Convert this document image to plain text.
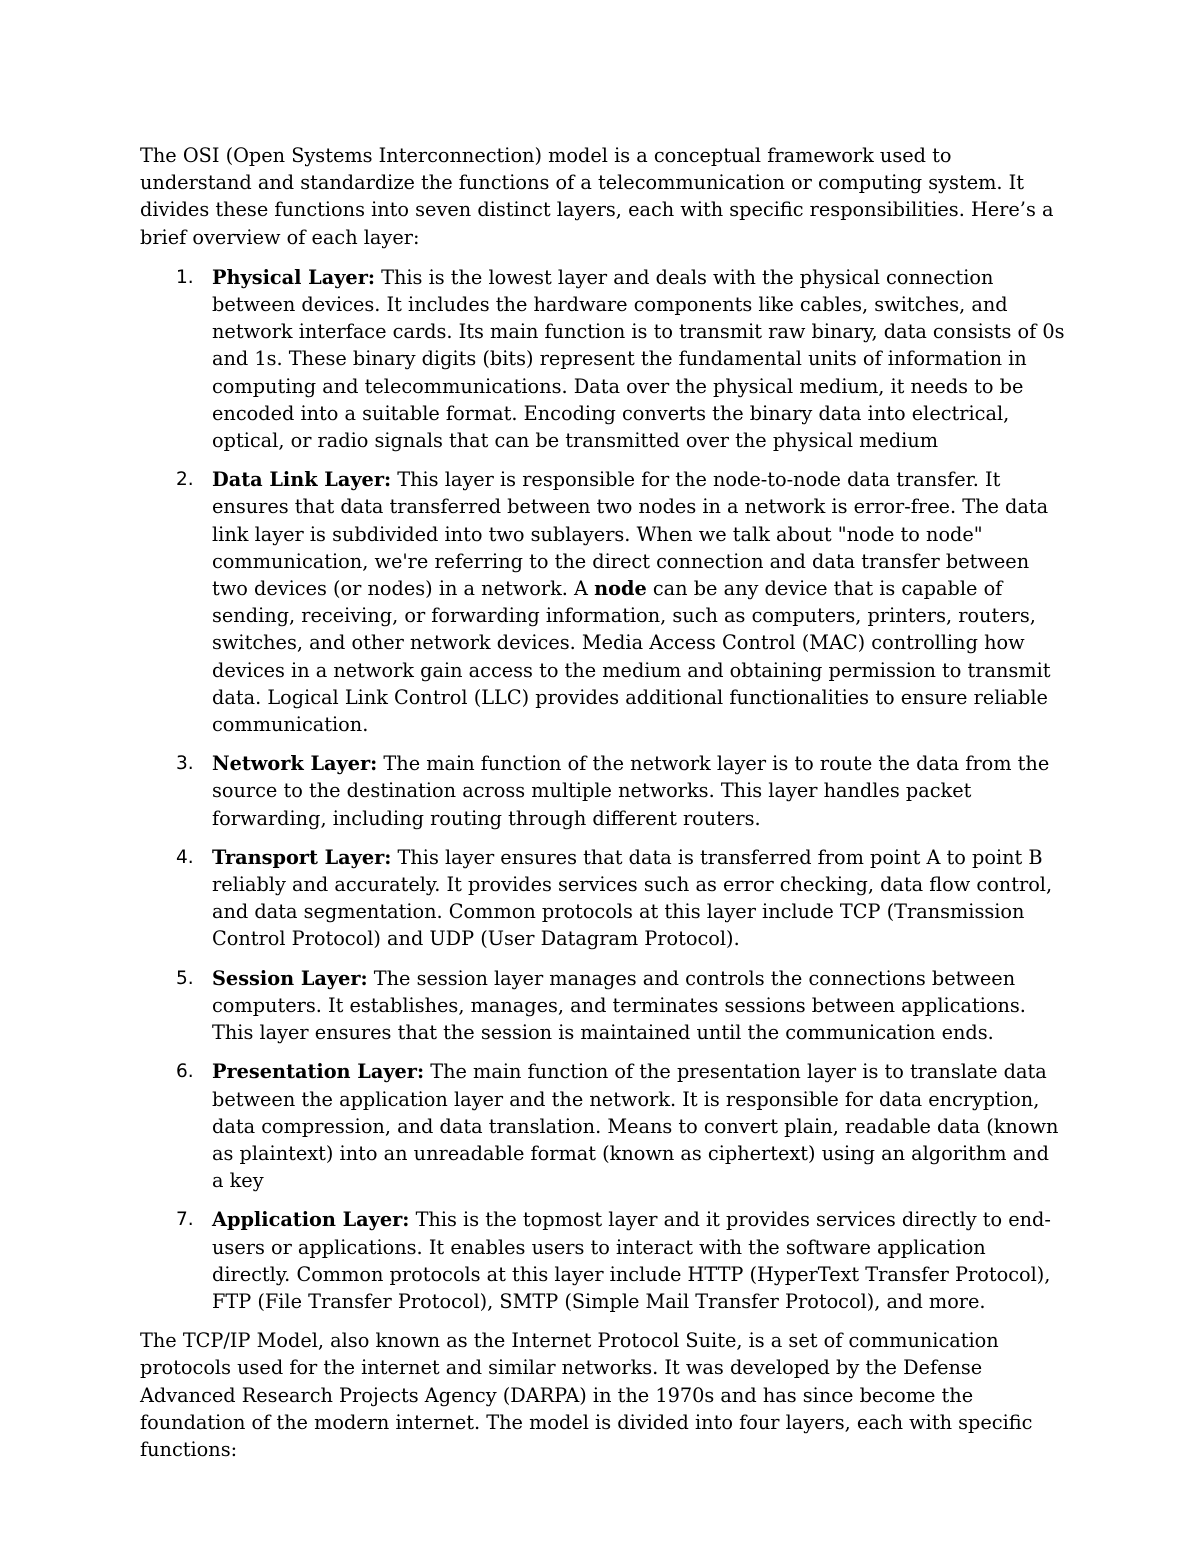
The OSI (Open Systems Interconnection) model is a conceptual framework used to understand and standardize the functions of a telecommunication or computing system. It divides these functions into seven distinct layers, each with specific responsibilities. Here’s a brief overview of each layer:

1. Physical Layer: This is the lowest layer and deals with the physical connection between devices. It includes the hardware components like cables, switches, and network interface cards. Its main function is to transmit raw binary, data consists of 0s and 1s. These binary digits (bits) represent the fundamental units of information in computing and telecommunications. Data over the physical medium, it needs to be encoded into a suitable format. Encoding converts the binary data into electrical, optical, or radio signals that can be transmitted over the physical medium
2. Data Link Layer: This layer is responsible for the node-to-node data transfer. It ensures that data transferred between two nodes in a network is error-free. The data link layer is subdivided into two sublayers. When we talk about "node to node" communication, we're referring to the direct connection and data transfer between two devices (or nodes) in a network. A node can be any device that is capable of sending, receiving, or forwarding information, such as computers, printers, routers, switches, and other network devices. Media Access Control (MAC) controlling how devices in a network gain access to the medium and obtaining permission to transmit data. Logical Link Control (LLC) provides additional functionalities to ensure reliable communication.
3. Network Layer: The main function of the network layer is to route the data from the source to the destination across multiple networks. This layer handles packet forwarding, including routing through different routers.
4. Transport Layer: This layer ensures that data is transferred from point A to point B reliably and accurately. It provides services such as error checking, data flow control, and data segmentation. Common protocols at this layer include TCP (Transmission Control Protocol) and UDP (User Datagram Protocol).
5. Session Layer: The session layer manages and controls the connections between computers. It establishes, manages, and terminates sessions between applications. This layer ensures that the session is maintained until the communication ends.
6. Presentation Layer: The main function of the presentation layer is to translate data between the application layer and the network. It is responsible for data encryption, data compression, and data translation. Means to convert plain, readable data (known as plaintext) into an unreadable format (known as ciphertext) using an algorithm and a key
7. Application Layer: This is the topmost layer and it provides services directly to end-users or applications. It enables users to interact with the software application directly. Common protocols at this layer include HTTP (HyperText Transfer Protocol), FTP (File Transfer Protocol), SMTP (Simple Mail Transfer Protocol), and more.

The TCP/IP Model, also known as the Internet Protocol Suite, is a set of communication protocols used for the internet and similar networks. It was developed by the Defense Advanced Research Projects Agency (DARPA) in the 1970s and has since become the foundation of the modern internet. The model is divided into four layers, each with specific functions:
